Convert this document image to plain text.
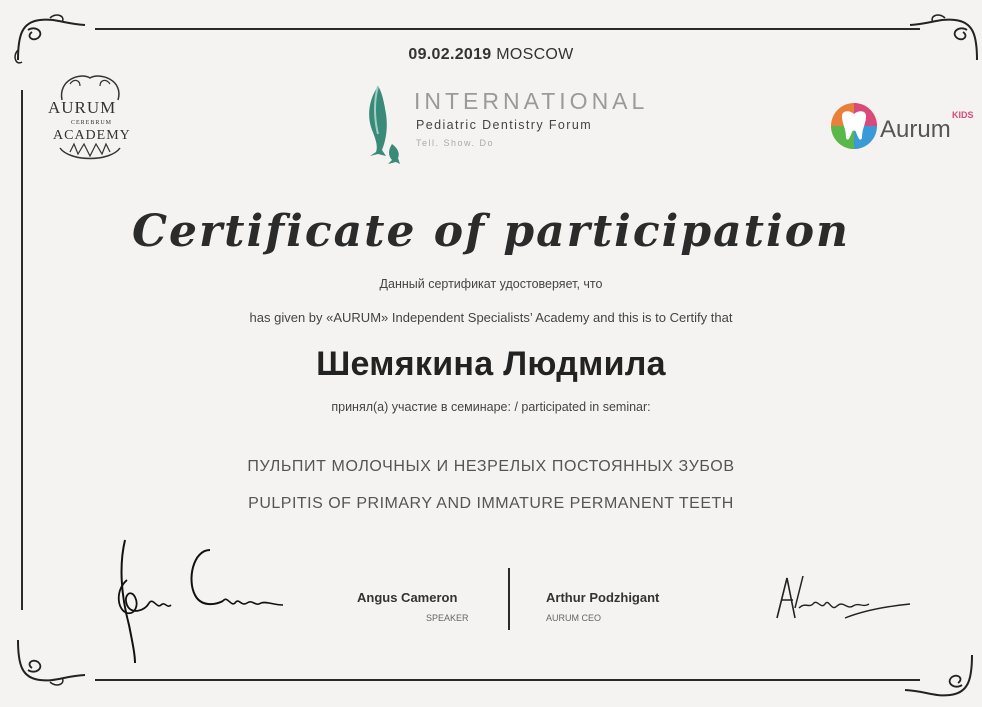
09.02.2019 MOSCOW
AURUM
CEREBRUM
ACADEMY
INTERNATIONAL
Pediatric Dentistry Forum
Tell. Show. Do
KIDS
Aurum
Certificate of participation
Данный сертификат удостоверяет, что
has given by «AURUM» Independent Specialists’ Academy and this is to Certify that
Шемякина Людмила
принял(а) участие в семинаре: / participated in seminar:
ПУЛЬПИТ МОЛОЧНЫХ И НЕЗРЕЛЫХ ПОСТОЯННЫХ ЗУБОВ
PULPITIS OF PRIMARY AND IMMATURE PERMANENT TEETH
Angus Cameron
SPEAKER
Arthur Podzhigant
AURUM CEO
